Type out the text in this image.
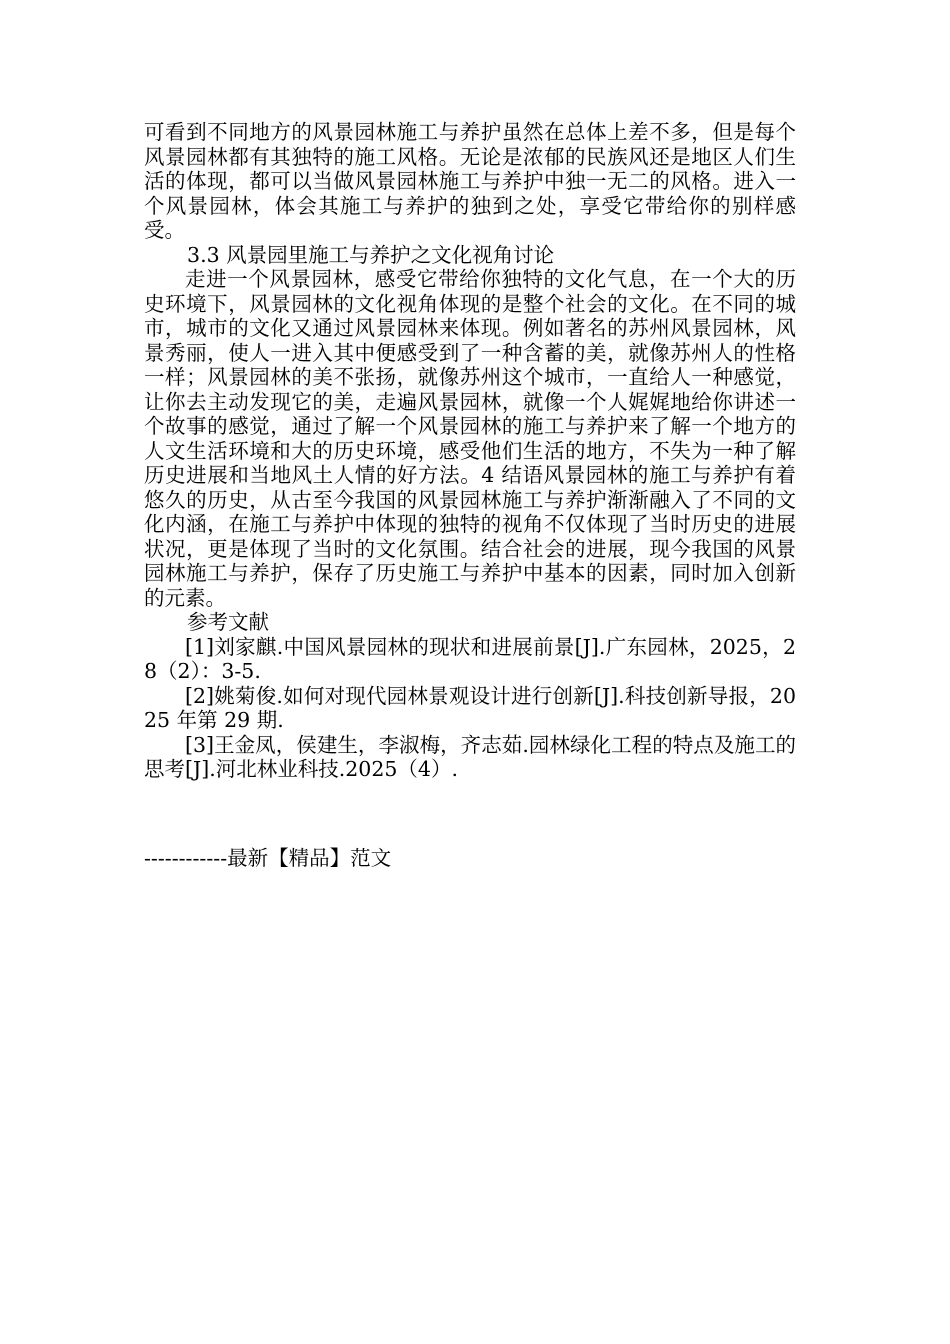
可看到不同地方的风景园林施工与养护虽然在总体上差不多，但是每个风景园林都有其独特的施工风格。无论是浓郁的民族风还是地区人们生活的体现，都可以当做风景园林施工与养护中独一无二的风格。进入一个风景园林，体会其施工与养护的独到之处，享受它带给你的别样感受。

3.3 风景园里施工与养护之文化视角讨论

走进一个风景园林，感受它带给你独特的文化气息，在一个大的历史环境下，风景园林的文化视角体现的是整个社会的文化。在不同的城市，城市的文化又通过风景园林来体现。例如著名的苏州风景园林，风景秀丽，使人一进入其中便感受到了一种含蓄的美，就像苏州人的性格一样；风景园林的美不张扬，就像苏州这个城市，一直给人一种感觉，让你去主动发现它的美，走遍风景园林，就像一个人娓娓地给你讲述一个故事的感觉，通过了解一个风景园林的施工与养护来了解一个地方的人文生活环境和大的历史环境，感受他们生活的地方，不失为一种了解历史进展和当地风土人情的好方法。4 结语风景园林的施工与养护有着悠久的历史，从古至今我国的风景园林施工与养护渐渐融入了不同的文化内涵，在施工与养护中体现的独特的视角不仅体现了当时历史的进展状况，更是体现了当时的文化氛围。结合社会的进展，现今我国的风景园林施工与养护，保存了历史施工与养护中基本的因素，同时加入创新的元素。

参考文献

[1]刘家麒.中国风景园林的现状和进展前景[J].广东园林，2025，28（2）：3-5.

[2]姚菊俊.如何对现代园林景观设计进行创新[J].科技创新导报，2025 年第 29 期.

[3]王金凤，侯建生，李淑梅，齐志茹.园林绿化工程的特点及施工的思考[J].河北林业科技.2025（4）.

------------最新【精品】范文
